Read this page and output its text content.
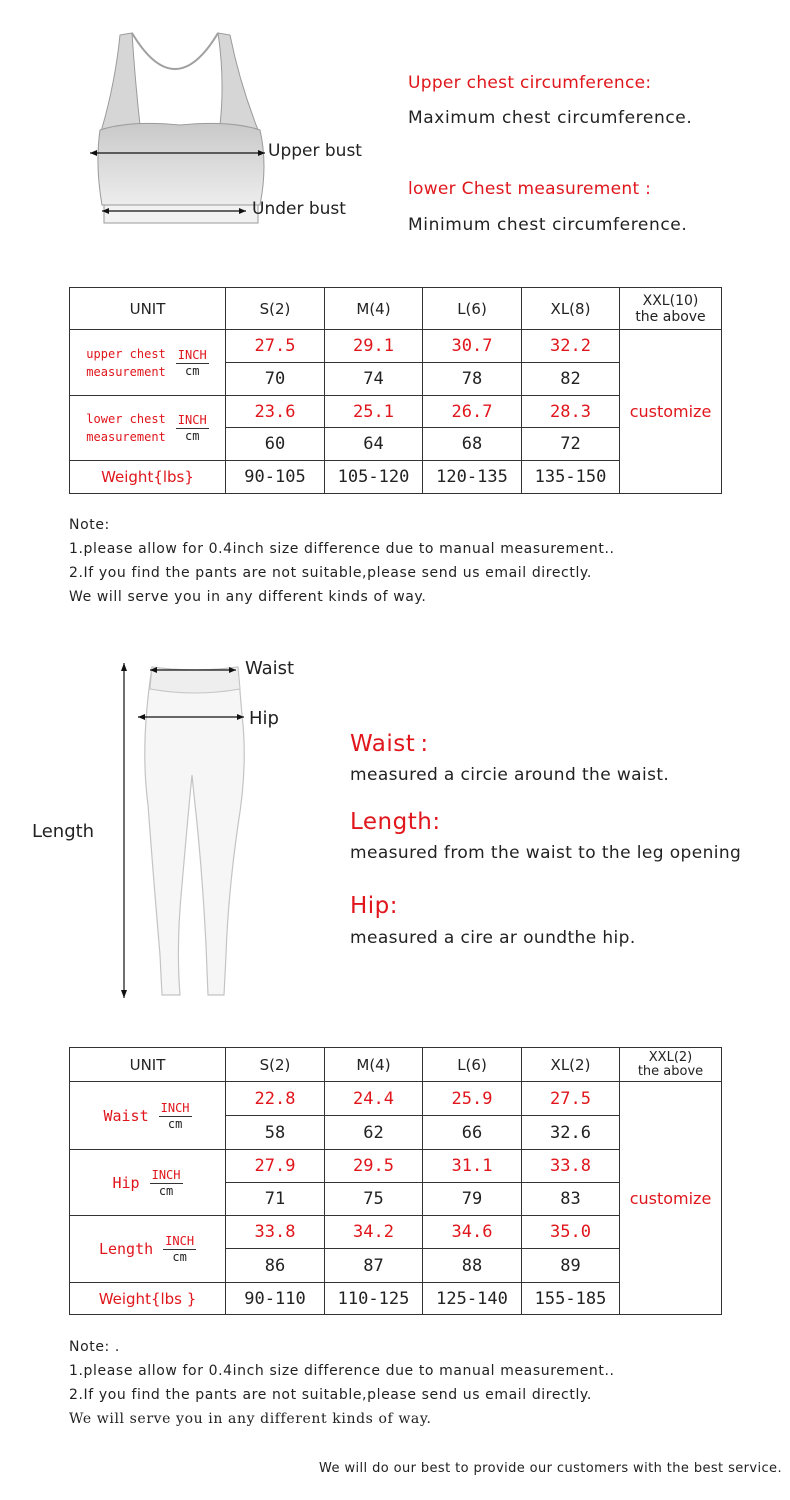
Upper bust
Under bust
Upper chest circumference:
Maximum chest circumference.
lower Chest measurement :
Minimum chest circumference.
UNIT	S(2)	M(4)	L(6)	XL(8)	XXL(10)
the above

upper chest
measurement
INCH
cm	27.5	29.1	30.7	32.2	customize
	70	74	78	82	

lower chest
measurement
INCH
cm	23.6	25.1	26.7	28.3	
	60	64	68	72	
Weight{lbs}	90-105	105-120	120-135	135-150	
Note:
1.please allow for 0.4inch size difference due to manual measurement..
2.If you find the pants are not suitable,please send us email directly.
We will serve you in any different kinds of way.
Waist
Hip
Length
Waist :
measured a circie around the waist.
Length:
measured from the waist to the leg opening
Hip:
measured a cire ar oundthe hip.
UNIT	S(2)	M(4)	L(6)	XL(2)	XXL(2)
the above

Waist INCH
cm	22.8	24.4	25.9	27.5	customize
	58	62	66	32.6	

Hip INCH
cm	27.9	29.5	31.1	33.8	
	71	75	79	83	

Length INCH
cm	33.8	34.2	34.6	35.0	
	86	87	88	89	
Weight{lbs }	90-110	110-125	125-140	155-185	
Note: .
1.please allow for 0.4inch size difference due to manual measurement..
2.If you find the pants are not suitable,please send us email directly.
We will serve you in any different kinds of way.
We will do our best to provide our customers with the best service.
